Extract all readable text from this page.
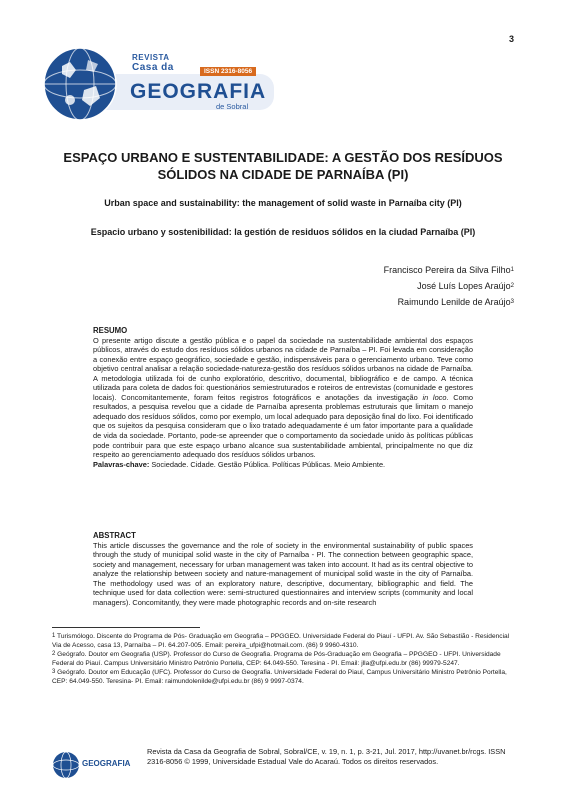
3
REVISTA
Casa da	ISSN 2316-8056
GEOGRAFIA
de Sobral
ESPAÇO URBANO E SUSTENTABILIDADE: A GESTÃO DOS RESÍDUOS SÓLIDOS NA CIDADE DE PARNAÍBA (PI)
Urban space and sustainability: the management of solid waste in Parnaíba city (PI)
Espacio urbano y sostenibilidad: la gestión de residuos sólidos en la ciudad Parnaíba (PI)
Francisco Pereira da Silva Filho$^1$
José Luís Lopes Araújo$^2$
Raimundo Lenilde de Araújo$^3$
RESUMO
O presente artigo discute a gestão pública e o papel da sociedade na sustentabilidade ambiental dos espaços públicos, através do estudo dos resíduos sólidos urbanos na cidade de Parnaíba – PI. Foi levada em consideração a conexão entre espaço geográfico, sociedade e gestão, indispensáveis para o gerenciamento urbano. Teve como objetivo central analisar a relação sociedade-natureza-gestão dos resíduos sólidos urbanos na cidade de Parnaíba. A metodologia utilizada foi de cunho exploratório, descritivo, documental, bibliográfico e de campo. A técnica utilizada para coleta de dados foi: questionários semiestruturados e roteiros de entrevistas (comunidade e gestores locais). Concomitantemente, foram feitos registros fotográficos e anotações da investigação in loco. Como resultados, a pesquisa revelou que a cidade de Parnaíba apresenta problemas estruturais que limitam o manejo adequado dos resíduos sólidos, como por exemplo, um local adequado para deposição final do lixo. Foi identificado que os sujeitos da pesquisa consideram que o lixo tratado adequadamente é um fator importante para a qualidade de vida da sociedade. Portanto, pode-se apreender que o comportamento da sociedade unido às políticas públicas pode contribuir para que este espaço urbano alcance sua sustentabilidade ambiental, principalmente no que diz respeito ao gerenciamento adequado dos resíduos sólidos urbanos.
Palavras-chave: Sociedade. Cidade. Gestão Pública. Políticas Públicas. Meio Ambiente.
ABSTRACT
This article discusses the governance and the role of society in the environmental sustainability of public spaces through the study of municipal solid waste in the city of Parnaíba - PI. The connection between geographic space, society and management, necessary for urban management was taken into account. It had as its central objective to analyze the relationship between society and nature-management of municipal solid waste in the city of Parnaíba. The methodology used was of an exploratory nature, descriptive, documentary, bibliographic and field. The technique used for data collection were: semi-structured questionnaires and interview scripts (community and local managers). Concomitantly, they were made photographic records and on-site research
1 Turismólogo. Discente do Programa de Pós- Graduação em Geografia – PPGGEO. Universidade Federal do Piauí - UFPI. Av. São Sebastião - Residencial Via de Acesso, casa 13, Parnaíba – PI. 64.207-005. Email: pereira_ufpi@hotmail.com. (86) 9 9960-4310.
2 Geógrafo. Doutor em Geografia (USP). Professor do Curso de Geografia. Programa de Pós-Graduação em Geografia – PPGGEO - UFPI. Universidade Federal do Piauí. Campus Universitário Ministro Petrônio Portella, CEP: 64.049-550. Teresina - PI. Email: jlla@ufpi.edu.br (86) 99979-5247.
3 Geógrafo. Doutor em Educação (UFC). Professor do Curso de Geografia. Universidade Federal do Piauí, Campus Universitário Ministro Petrônio Portella, CEP: 64.049-550. Teresina- PI. Email: raimundolenilde@ufpi.edu.br (86) 9 9997-0374.
GEOGRAFIA
Revista da Casa da Geografia de Sobral, Sobral/CE, v. 19, n. 1, p. 3-21, Jul. 2017, http://uvanet.br/rcgs. ISSN 2316-8056 © 1999, Universidade Estadual Vale do Acaraú. Todos os direitos reservados.
